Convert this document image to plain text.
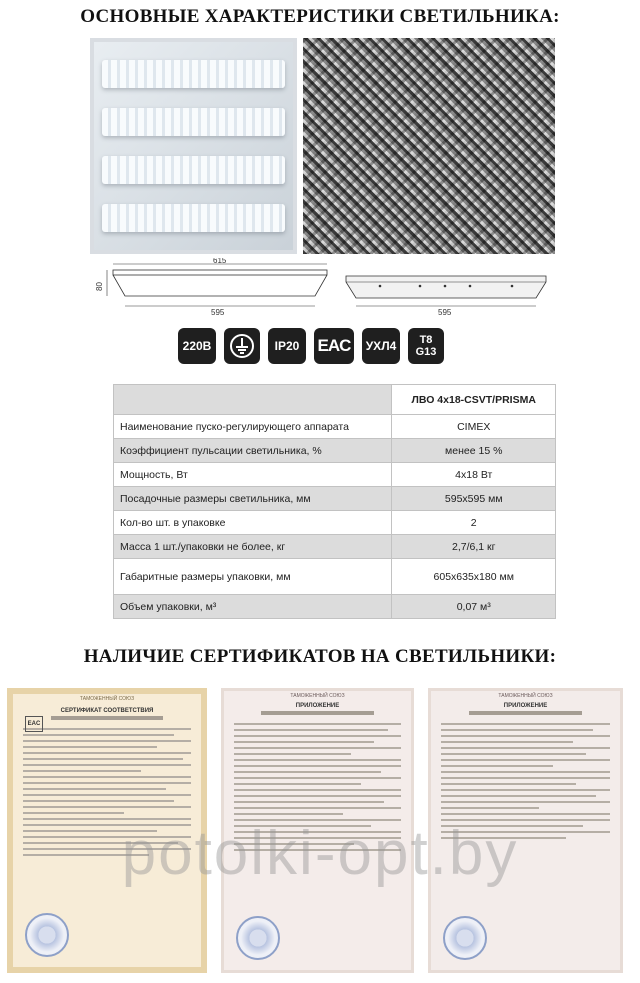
ОСНОВНЫЕ ХАРАКТЕРИСТИКИ СВЕТИЛЬНИКА:
615
80
595	595
220В	IP20	EAC	УХЛ4	T8
G13
	ЛВО 4х18-CSVT/PRISMA
Наименование пуско-регулирующего аппарата	CIMEX
Коэффициент пульсации светильника, %	менее 15 %
Мощность, Вт	4х18 Вт
Посадочные размеры светильника, мм	595х595 мм
Кол-во шт. в упаковке	2
Масса 1 шт./упаковки не более, кг	2,7/6,1 кг
Габаритные размеры упаковки, мм	605х635х180 мм
Объем упаковки, м³	0,07 м³
НАЛИЧИЕ СЕРТИФИКАТОВ НА СВЕТИЛЬНИКИ:
ТАМОЖЕННЫЙ СОЮЗ
EAC
СЕРТИФИКАТ СООТВЕТСТВИЯ
ТАМОЖЕННЫЙ СОЮЗ
ПРИЛОЖЕНИЕ
ТАМОЖЕННЫЙ СОЮЗ
ПРИЛОЖЕНИЕ
potolki-opt.by
